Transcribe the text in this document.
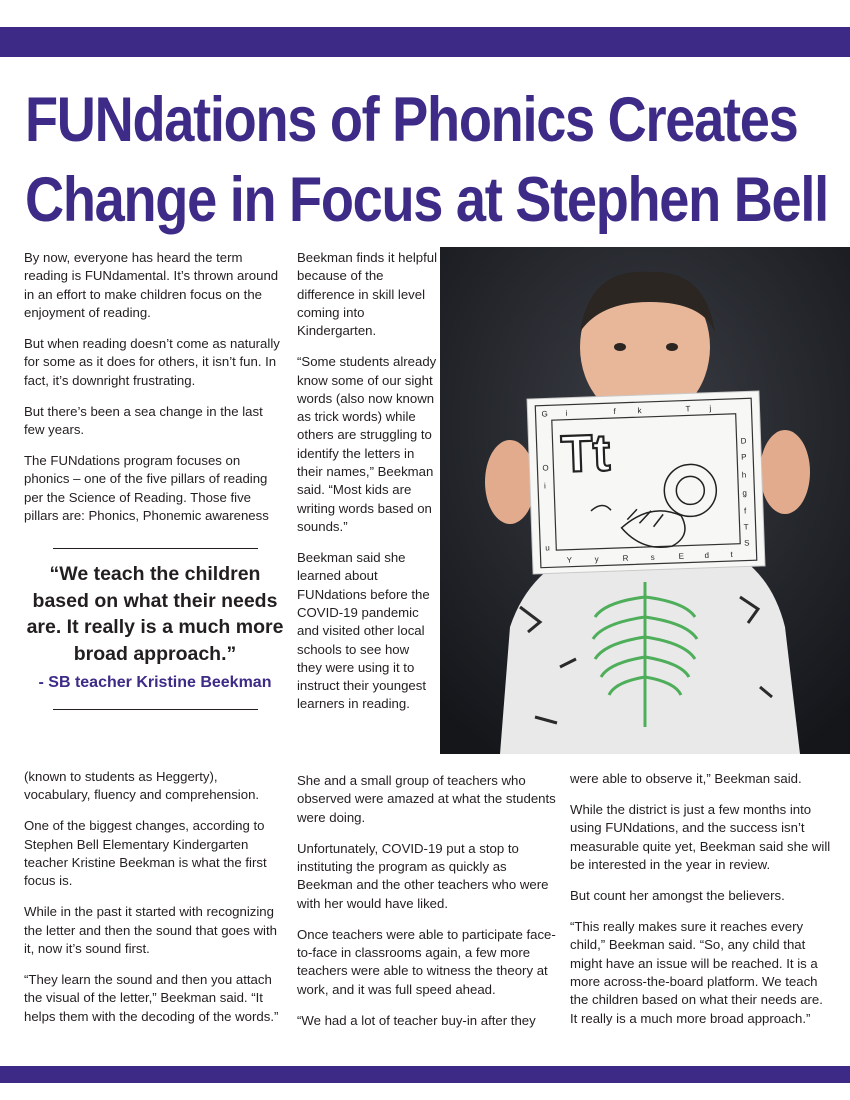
FUNdations of Phonics Creates
Change in Focus at Stephen Bell

By now, everyone has heard the term reading is FUNdamental. It’s thrown around in an effort to make children focus on the enjoyment of reading.

But when reading doesn’t come as naturally for some as it does for others, it isn’t fun. In fact, it’s downright frustrating.

But there’s been a sea change in the last few years.

The FUNdations program focuses on phonics – one of the five pillars of reading per the Science of Reading. Those five pillars are: Phonics, Phonemic awareness

“We teach the children based on what their needs are. It really is a much more broad approach.”
- SB teacher Kristine Beekman

(known to students as Heggerty), vocabulary, fluency and comprehension.

One of the biggest changes, according to Stephen Bell Elementary Kindergarten teacher Kristine Beekman is what the first focus is.

While in the past it started with recognizing the letter and then the sound that goes with it, now it’s sound first.

“They learn the sound and then you attach the visual of the letter,” Beekman said. “It helps them with the decoding of the words.”

Beekman finds it helpful because of the difference in skill level coming into Kindergarten.

“Some students already know some of our sight words (also now known as trick words) while others are struggling to identify the letters in their names,” Beekman said. “Most kids are writing words based on sounds.”

Beekman said she learned about FUNdations before the COVID-19 pandemic and visited other local schools to see how they were using it to instruct their youngest learners in reading.

She and a small group of teachers who observed were amazed at what the students were doing.

Unfortunately, COVID-19 put a stop to instituting the program as quickly as Beekman and the other teachers who were with her would have liked.

Once teachers were able to participate face-to-face in classrooms again, a few more teachers were able to witness the theory at work, and it was full speed ahead.

“We had a lot of teacher buy-in after they

were able to observe it,” Beekman said.

While the district is just a few months into using FUNdations, and the success isn’t measurable quite yet, Beekman said she will be interested in the year in review.

But count her amongst the believers.

“This really makes sure it reaches every child,” Beekman said. “So, any child that might have an issue will be reached. It is a more across-the-board platform. We teach the children based on what their needs are. It really is a much more broad approach.”

Tt
G i	f	k	T j
Y	y	R	s	E	d	t
O
i
u
D
P
h
g
f
T
S
